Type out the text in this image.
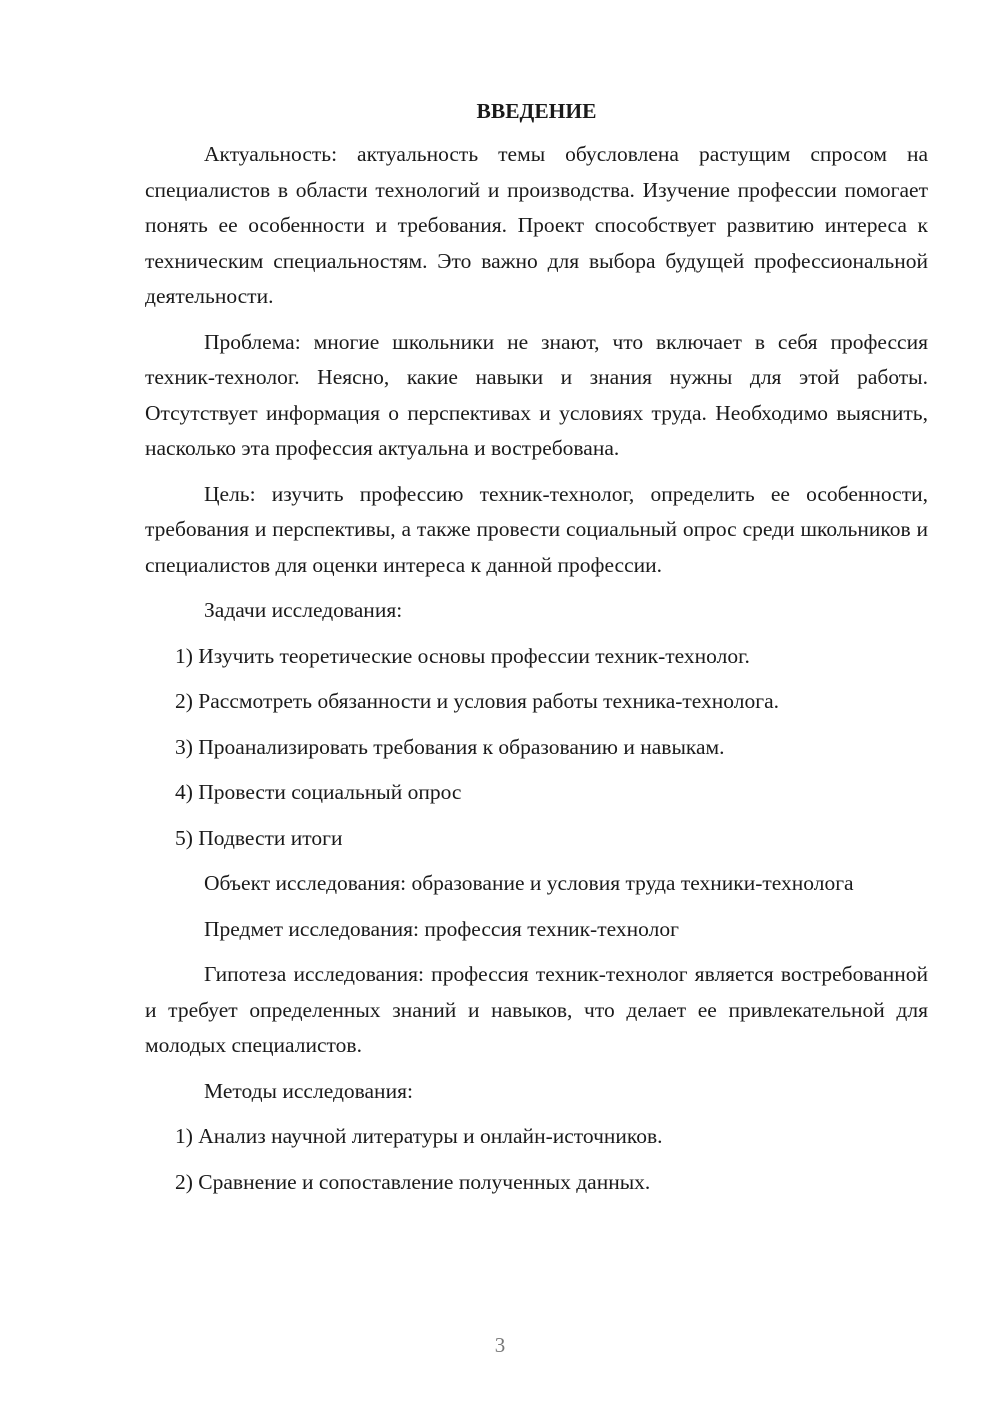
ВВЕДЕНИЕ
Актуальность: актуальность темы обусловлена растущим спросом на специалистов в области технологий и производства. Изучение профессии помогает понять ее особенности и требования. Проект способствует развитию интереса к техническим специальностям. Это важно для выбора будущей профессиональной деятельности.
Проблема: многие школьники не знают, что включает в себя профессия техник-технолог. Неясно, какие навыки и знания нужны для этой работы. Отсутствует информация о перспективах и условиях труда. Необходимо выяснить, насколько эта профессия актуальна и востребована.
Цель: изучить профессию техник-технолог, определить ее особенности, требования и перспективы, а также провести социальный опрос среди школьников и специалистов для оценки интереса к данной профессии.
Задачи исследования:
1) Изучить теоретические основы профессии техник-технолог.
2) Рассмотреть обязанности и условия работы техника-технолога.
3) Проанализировать требования к образованию и навыкам.
4) Провести социальный опрос
5) Подвести итоги
Объект исследования: образование и условия труда техники-технолога
Предмет исследования: профессия техник-технолог
Гипотеза исследования: профессия техник-технолог является востребованной и требует определенных знаний и навыков, что делает ее привлекательной для молодых специалистов.
Методы исследования:
1) Анализ научной литературы и онлайн-источников.
2) Сравнение и сопоставление полученных данных.
3
